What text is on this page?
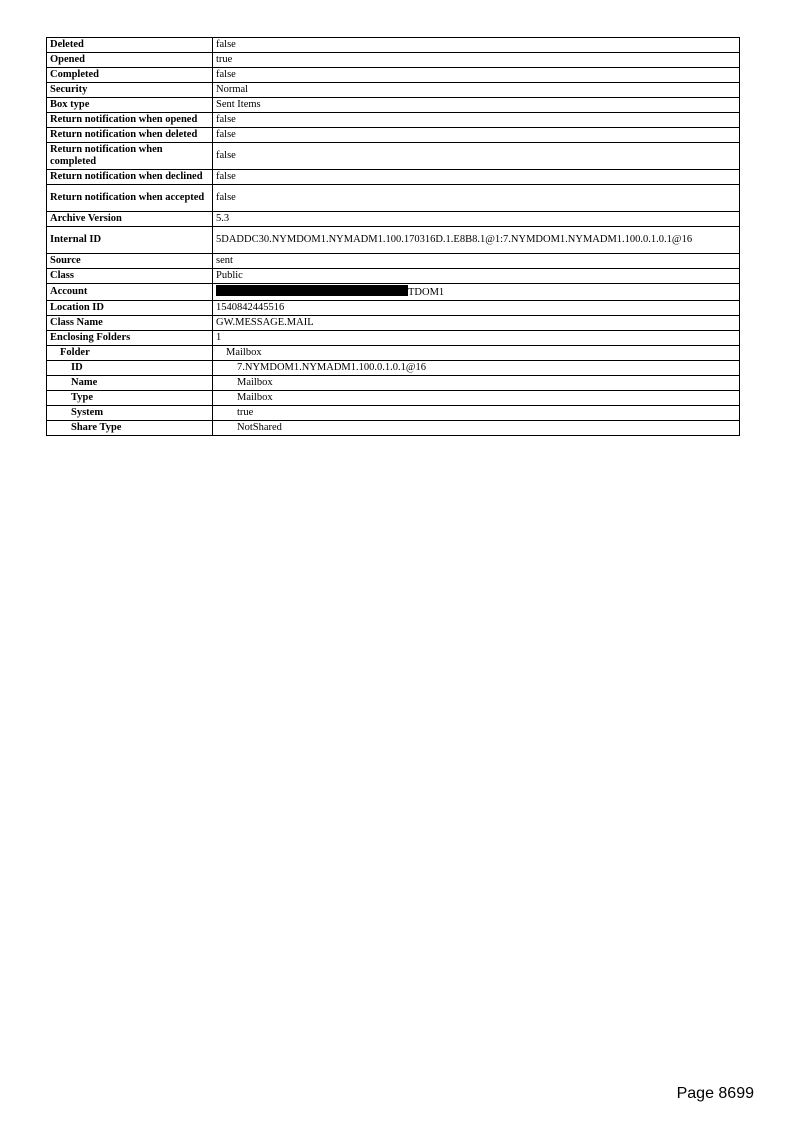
Deleted	false
Opened	true
Completed	false
Security	Normal
Box type	Sent Items
Return notification when opened	false
Return notification when deleted	false
Return notification when completed	false
Return notification when declined	false
Return notification when accepted	false
Archive Version	5.3
Internal ID	5DADDC30.NYMDOM1.NYMADM1.100.170316D.1.E8B8.1@1:7.NYMDOM1.NYMADM1.100.0.1.0.1@16
Source	sent
Class	Public
Account	TDOM1
Location ID	1540842445516
Class Name	GW.MESSAGE.MAIL
Enclosing Folders	1
Folder	Mailbox
ID	7.NYMDOM1.NYMADM1.100.0.1.0.1@16
Name	Mailbox
Type	Mailbox
System	true
Share Type	NotShared
Page 8699
